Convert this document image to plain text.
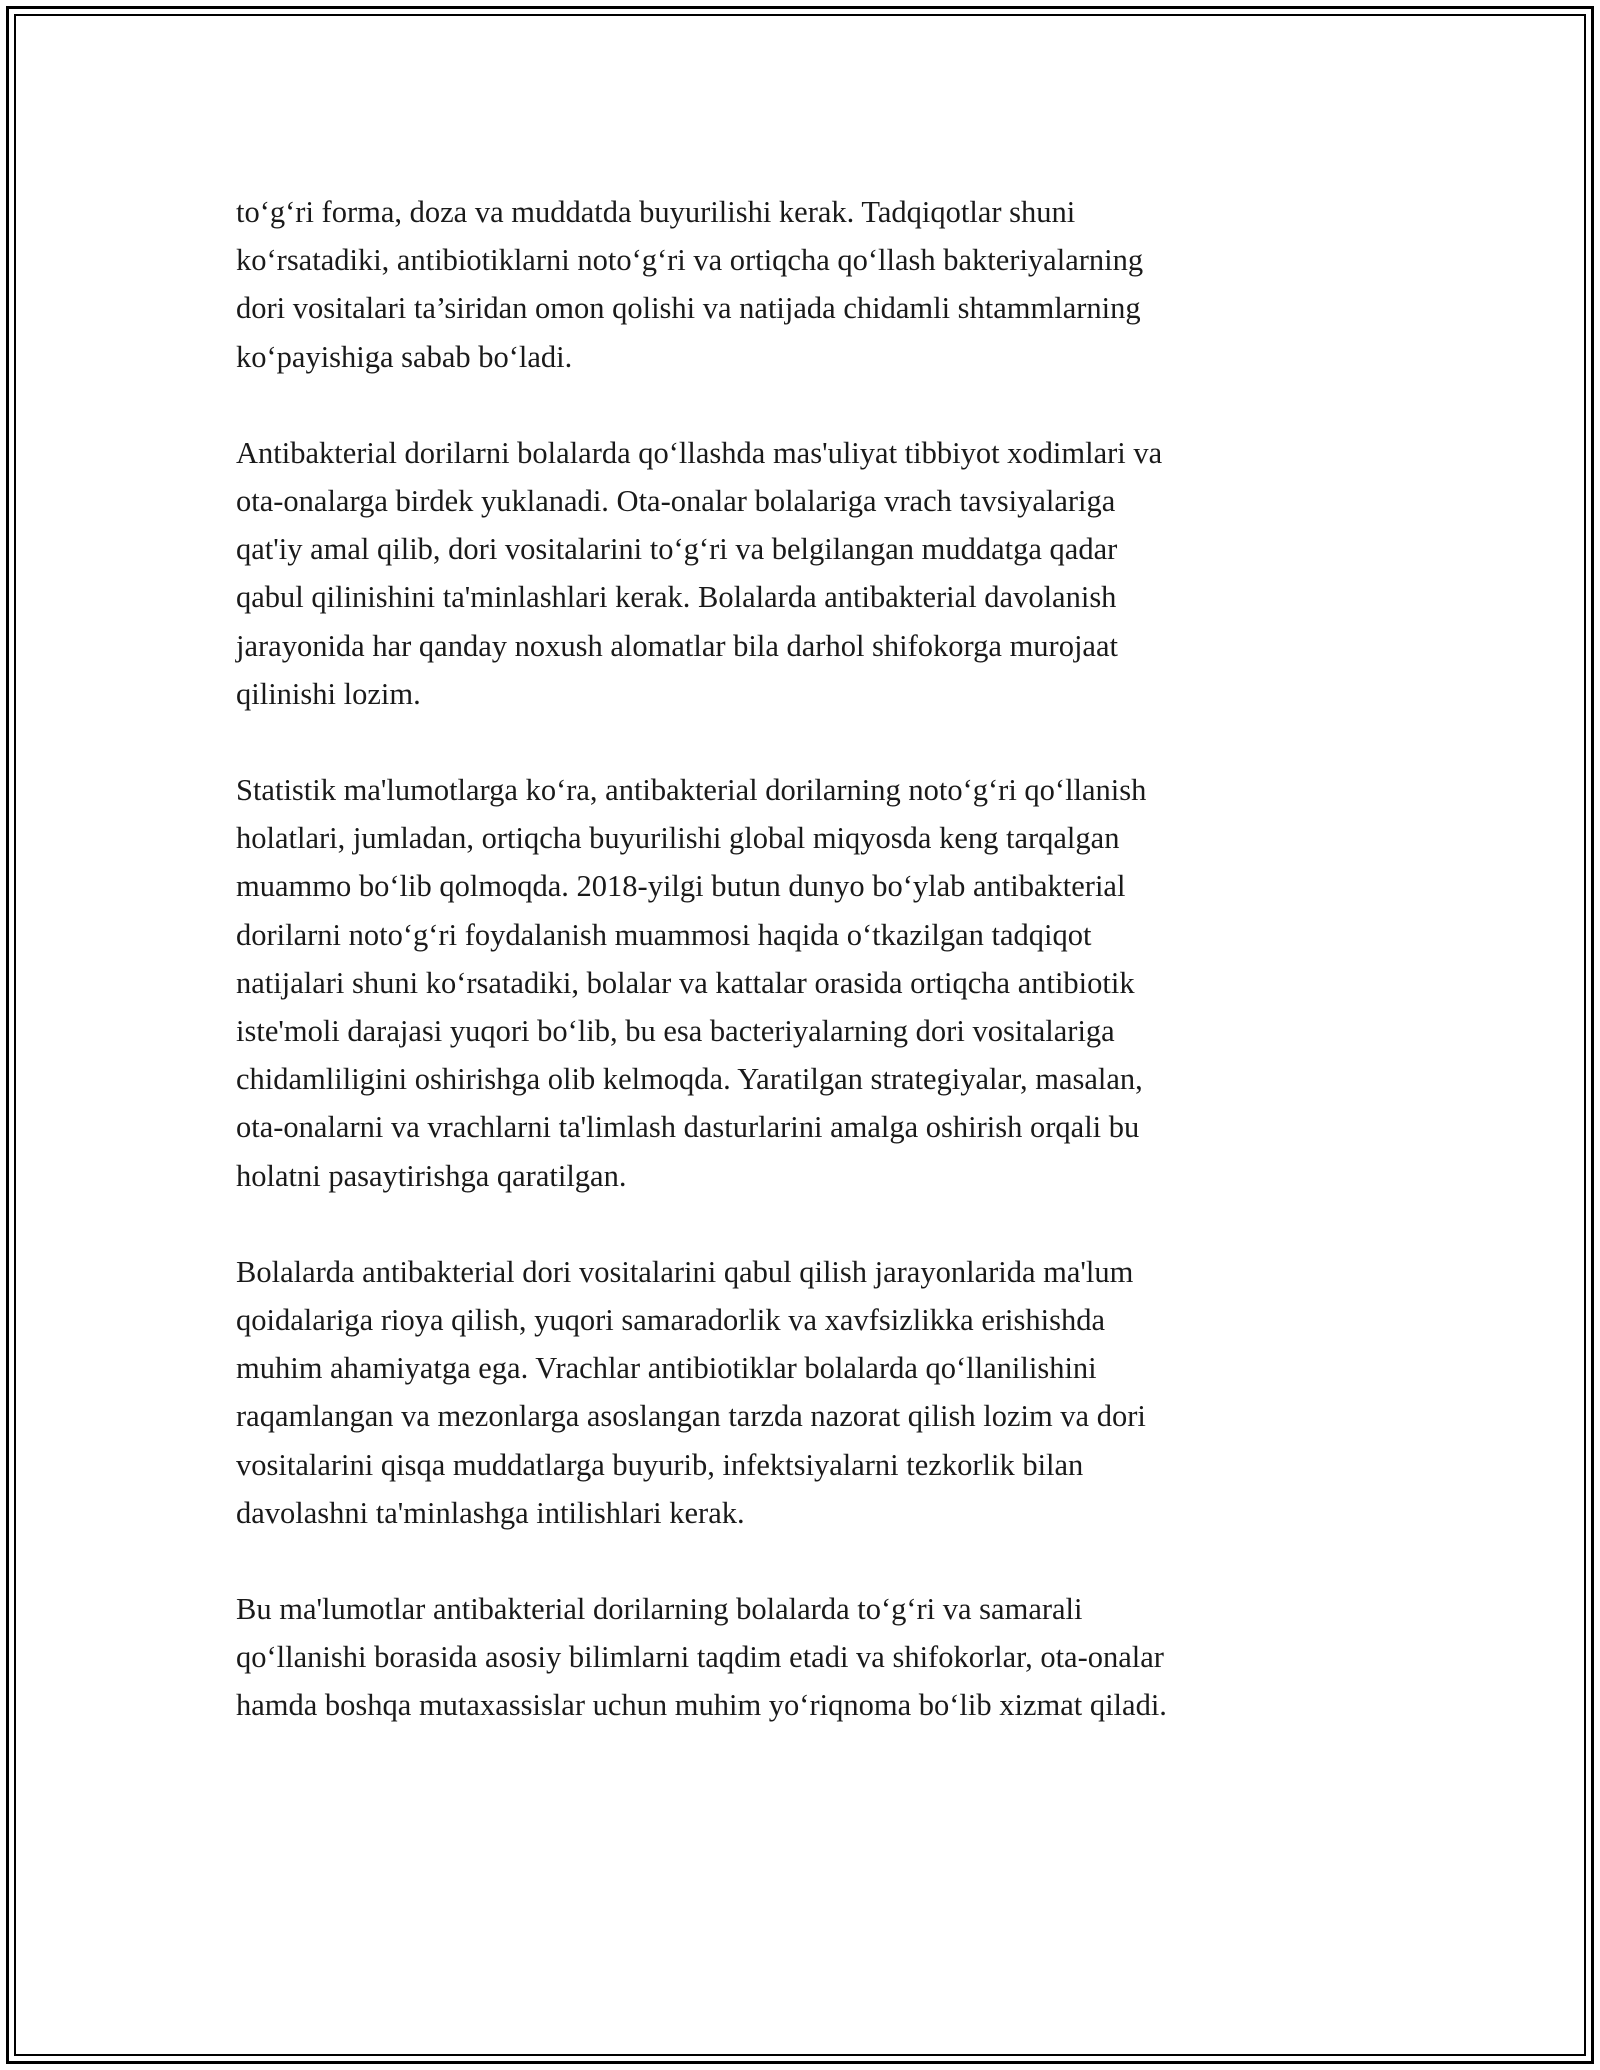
to‘g‘ri forma, doza va muddatda buyurilishi kerak. Tadqiqotlar shuni
ko‘rsatadiki, antibiotiklarni noto‘g‘ri va ortiqcha qo‘llash bakteriyalarning
dori vositalari ta’siridan omon qolishi va natijada chidamli shtammlarning
ko‘payishiga sabab bo‘ladi.

Antibakterial dorilarni bolalarda qo‘llashda mas'uliyat tibbiyot xodimlari va
ota-onalarga birdek yuklanadi. Ota-onalar bolalariga vrach tavsiyalariga
qat'iy amal qilib, dori vositalarini to‘g‘ri va belgilangan muddatga qadar
qabul qilinishini ta'minlashlari kerak. Bolalarda antibakterial davolanish
jarayonida har qanday noxush alomatlar bila darhol shifokorga murojaat
qilinishi lozim.

Statistik ma'lumotlarga ko‘ra, antibakterial dorilarning noto‘g‘ri qo‘llanish
holatlari, jumladan, ortiqcha buyurilishi global miqyosda keng tarqalgan
muammo bo‘lib qolmoqda. 2018-yilgi butun dunyo bo‘ylab antibakterial
dorilarni noto‘g‘ri foydalanish muammosi haqida o‘tkazilgan tadqiqot
natijalari shuni ko‘rsatadiki, bolalar va kattalar orasida ortiqcha antibiotik
iste'moli darajasi yuqori bo‘lib, bu esa bacteriyalarning dori vositalariga
chidamliligini oshirishga olib kelmoqda. Yaratilgan strategiyalar, masalan,
ota-onalarni va vrachlarni ta'limlash dasturlarini amalga oshirish orqali bu
holatni pasaytirishga qaratilgan.

Bolalarda antibakterial dori vositalarini qabul qilish jarayonlarida ma'lum
qoidalariga rioya qilish, yuqori samaradorlik va xavfsizlikka erishishda
muhim ahamiyatga ega. Vrachlar antibiotiklar bolalarda qo‘llanilishini
raqamlangan va mezonlarga asoslangan tarzda nazorat qilish lozim va dori
vositalarini qisqa muddatlarga buyurib, infektsiyalarni tezkorlik bilan
davolashni ta'minlashga intilishlari kerak.

Bu ma'lumotlar antibakterial dorilarning bolalarda to‘g‘ri va samarali
qo‘llanishi borasida asosiy bilimlarni taqdim etadi va shifokorlar, ota-onalar
hamda boshqa mutaxassislar uchun muhim yo‘riqnoma bo‘lib xizmat qiladi.
